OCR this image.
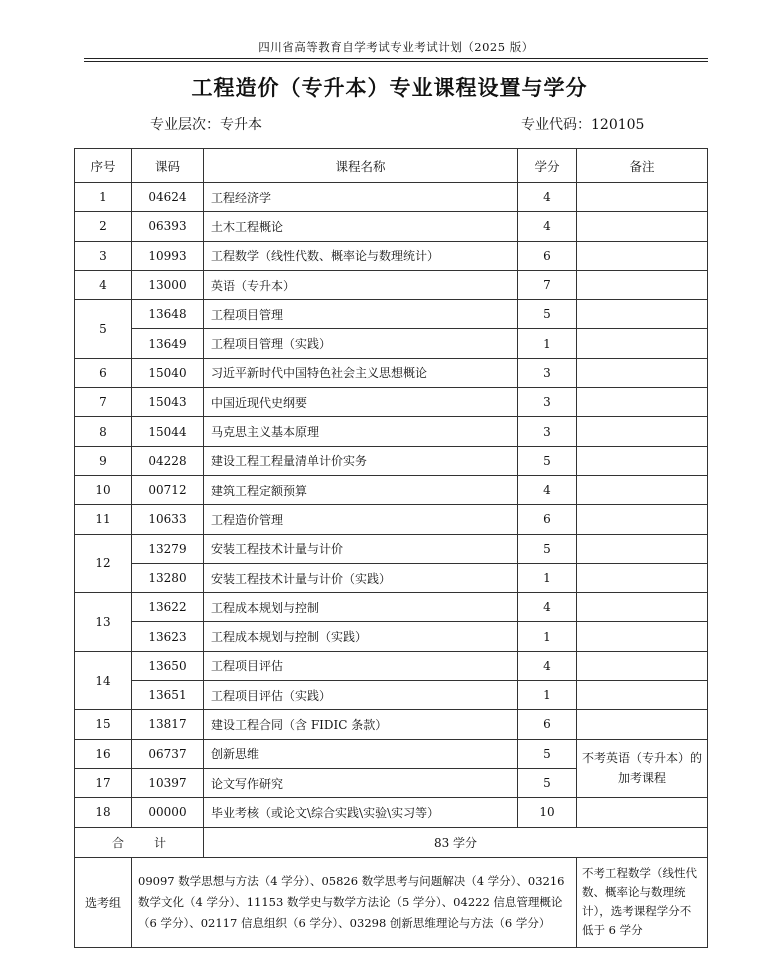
四川省高等教育自学考试专业考试计划（2025 版）
工程造价（专升本）专业课程设置与学分
专业层次：专升本	专业代码：120105
序号	课码	课程名称	学分	备注
1	04624	工程经济学	4	
2	06393	土木工程概论	4	
3	10993	工程数学（线性代数、概率论与数理统计）	6	
4	13000	英语（专升本）	7	
5	13648	工程项目管理	5	
	13649	工程项目管理（实践）	1	
6	15040	习近平新时代中国特色社会主义思想概论	3	
7	15043	中国近现代史纲要	3	
8	15044	马克思主义基本原理	3	
9	04228	建设工程工程量清单计价实务	5	
10	00712	建筑工程定额预算	4	
11	10633	工程造价管理	6	
12	13279	安装工程技术计量与计价	5	
	13280	安装工程技术计量与计价（实践）	1	
13	13622	工程成本规划与控制	4	
	13623	工程成本规划与控制（实践）	1	
14	13650	工程项目评估	4	
	13651	工程项目评估（实践）	1	
15	13817	建设工程合同（含 FIDIC 条款）	6	
16	06737	创新思维	5	不考英语（专升本）的加考课程
17	10397	论文写作研究	5	
18	00000	毕业考核（或论文\综合实践\实验\实习等）	10	
合计		83 学分		
选考组	09097 数学思想与方法（4 学分）、05826 数学思考与问题解决（4 学分）、03216 数学文化（4 学分）、11153 数学史与数学方法论（5 学分）、04222 信息管理概论（6 学分）、02117 信息组织（6 学分）、03298 创新思维理论与方法（6 学分）			不考工程数学（线性代数、概率论与数理统计），选考课程学分不低于 6 学分
